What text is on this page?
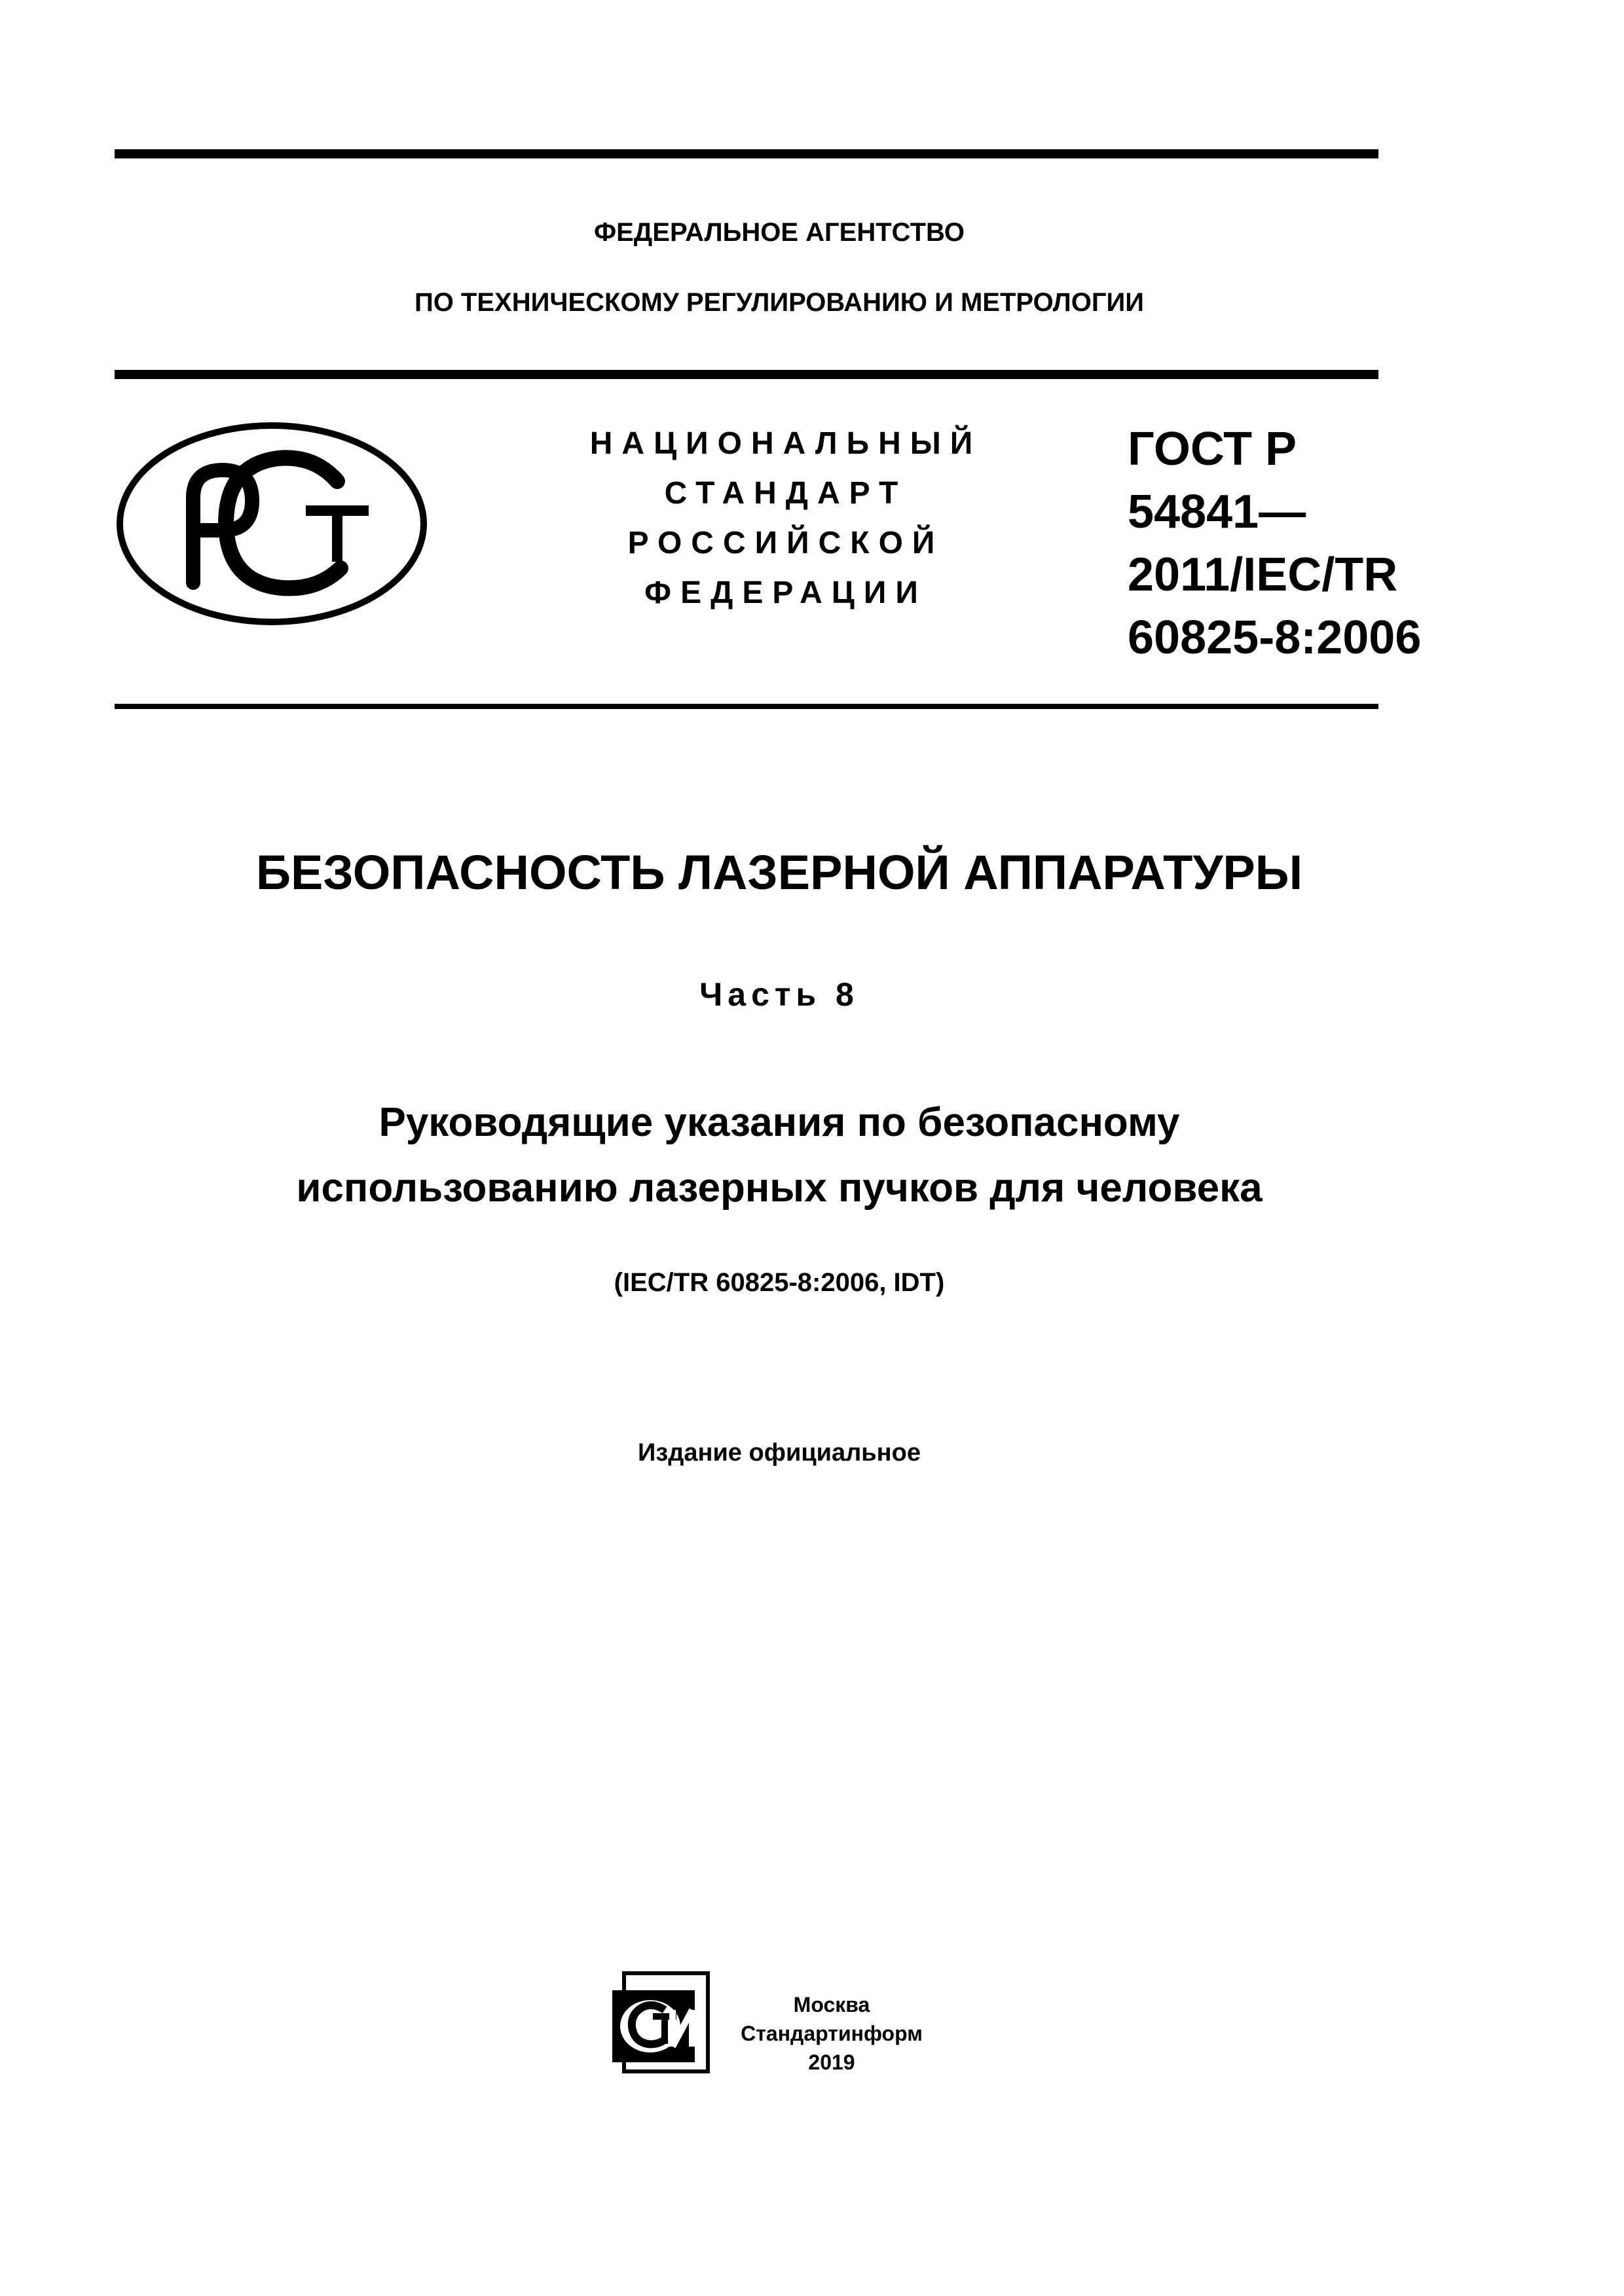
ФЕДЕРАЛЬНОЕ АГЕНТСТВО
ПО ТЕХНИЧЕСКОМУ РЕГУЛИРОВАНИЮ И МЕТРОЛОГИИ
НАЦИОНАЛЬНЫЙ
СТАНДАРТ
РОССИЙСКОЙ
ФЕДЕРАЦИИ
ГОСТ Р
54841—
2011/IEC/TR
60825-8:2006
БЕЗОПАСНОСТЬ ЛАЗЕРНОЙ АППАРАТУРЫ
Часть 8
Руководящие указания по безопасному
использованию лазерных пучков для человека
(IEC/TR 60825-8:2006, IDT)
Издание официальное
Москва
Стандартинформ
2019
